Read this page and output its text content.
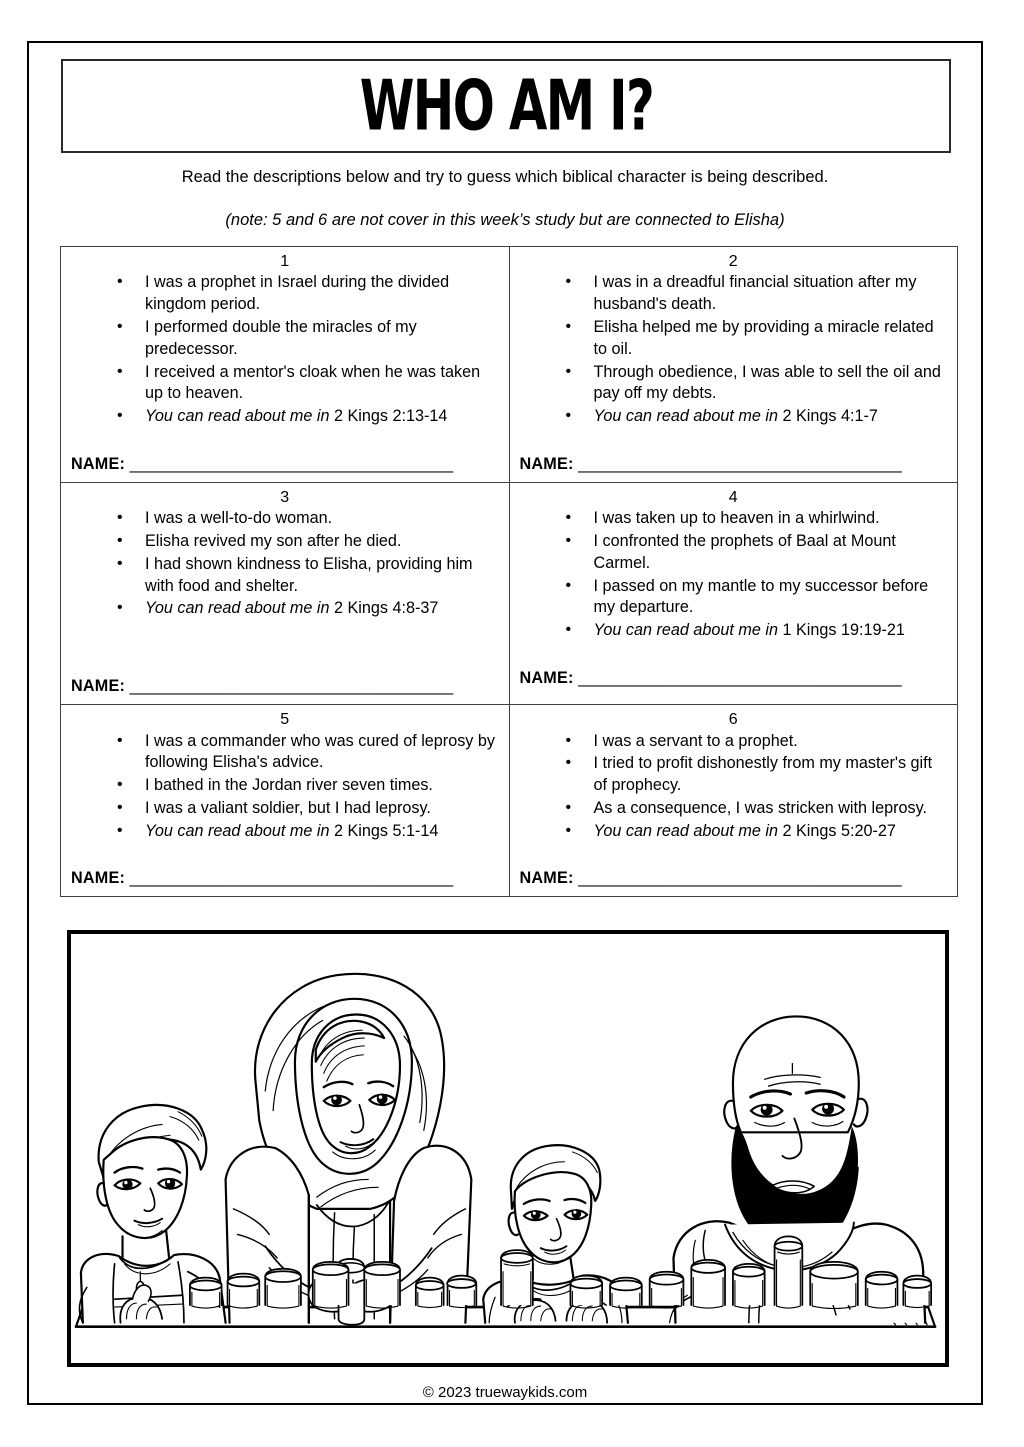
WHO AM I?
Read the descriptions below and try to guess which biblical character is being described.
(note: 5 and 6 are not cover in this week’s study but are connected to Elisha)
1
• I was a prophet in Israel during the divided kingdom period.
• I performed double the miracles of my predecessor.
• I received a mentor's cloak when he was taken up to heaven.
• You can read about me in 2 Kings 2:13-14
NAME: ______________________________________

2
• I was in a dreadful financial situation after my husband's death.
• Elisha helped me by providing a miracle related to oil.
• Through obedience, I was able to sell the oil and pay off my debts.
• You can read about me in 2 Kings 4:1-7
NAME: ______________________________________

3
• I was a well-to-do woman.
• Elisha revived my son after he died.
• I had shown kindness to Elisha, providing him with food and shelter.
• You can read about me in 2 Kings 4:8-37
NAME: ______________________________________

4
• I was taken up to heaven in a whirlwind.
• I confronted the prophets of Baal at Mount Carmel.
• I passed on my mantle to my successor before my departure.
• You can read about me in 1 Kings 19:19-21
NAME: ______________________________________

5
• I was a commander who was cured of leprosy by following Elisha's advice.
• I bathed in the Jordan river seven times.
• I was a valiant soldier, but I had leprosy.
• You can read about me in 2 Kings 5:1-14
NAME: ______________________________________

6
• I was a servant to a prophet.
• I tried to profit dishonestly from my master's gift of prophecy.
• As a consequence, I was stricken with leprosy.
• You can read about me in 2 Kings 5:20-27
NAME: ______________________________________
© 2023 truewaykids.com
